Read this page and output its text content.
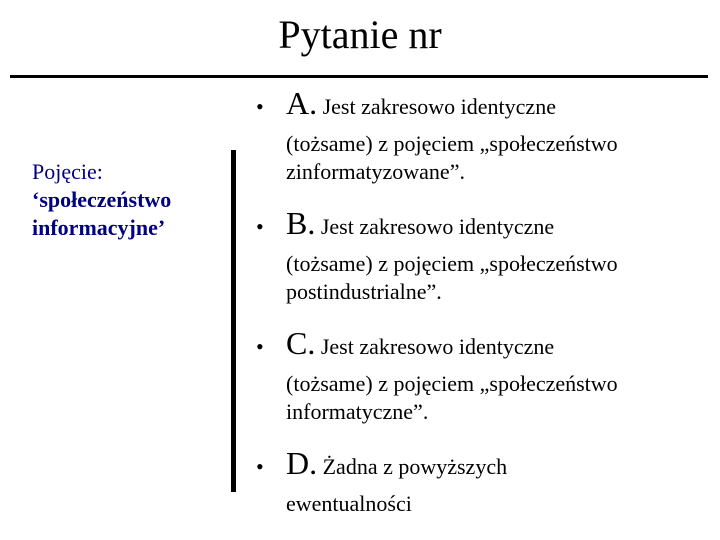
Pytanie nr
Pojęcie:
‘społeczeństwo informacyjne’
• A. Jest zakresowo identyczne
(tożsame) z pojęciem „społeczeństwo zinformatyzowane”.
• B. Jest zakresowo identyczne
(tożsame) z pojęciem „społeczeństwo postindustrialne”.
• C. Jest zakresowo identyczne
(tożsame) z pojęciem „społeczeństwo informatyczne”.
• D. Żadna z powyższych
ewentualności
